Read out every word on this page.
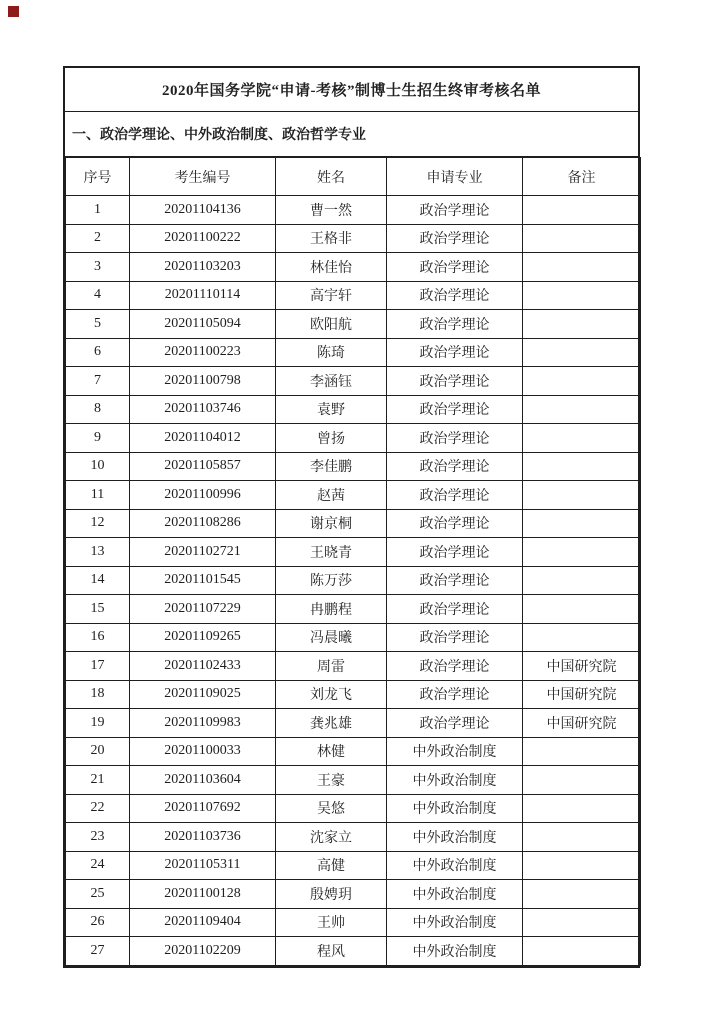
2020年国务学院“申请-考核”制博士生招生终审考核名单
一、政治学理论、中外政治制度、政治哲学专业
序号	考生编号	姓名	申请专业	备注
1	20201104136	曹一然	政治学理论	
2	20201100222	王格非	政治学理论	
3	20201103203	林佳怡	政治学理论	
4	20201110114	高宇轩	政治学理论	
5	20201105094	欧阳航	政治学理论	
6	20201100223	陈琦	政治学理论	
7	20201100798	李涵钰	政治学理论	
8	20201103746	袁野	政治学理论	
9	20201104012	曾扬	政治学理论	
10	20201105857	李佳鹏	政治学理论	
11	20201100996	赵茜	政治学理论	
12	20201108286	谢京桐	政治学理论	
13	20201102721	王晓青	政治学理论	
14	20201101545	陈万莎	政治学理论	
15	20201107229	冉鹏程	政治学理论	
16	20201109265	冯晨曦	政治学理论	
17	20201102433	周雷	政治学理论	中国研究院
18	20201109025	刘龙飞	政治学理论	中国研究院
19	20201109983	龚兆雄	政治学理论	中国研究院
20	20201100033	林健	中外政治制度	
21	20201103604	王豪	中外政治制度	
22	20201107692	吴悠	中外政治制度	
23	20201103736	沈家立	中外政治制度	
24	20201105311	高健	中外政治制度	
25	20201100128	殷娉玥	中外政治制度	
26	20201109404	王帅	中外政治制度	
27	20201102209	程风	中外政治制度	
